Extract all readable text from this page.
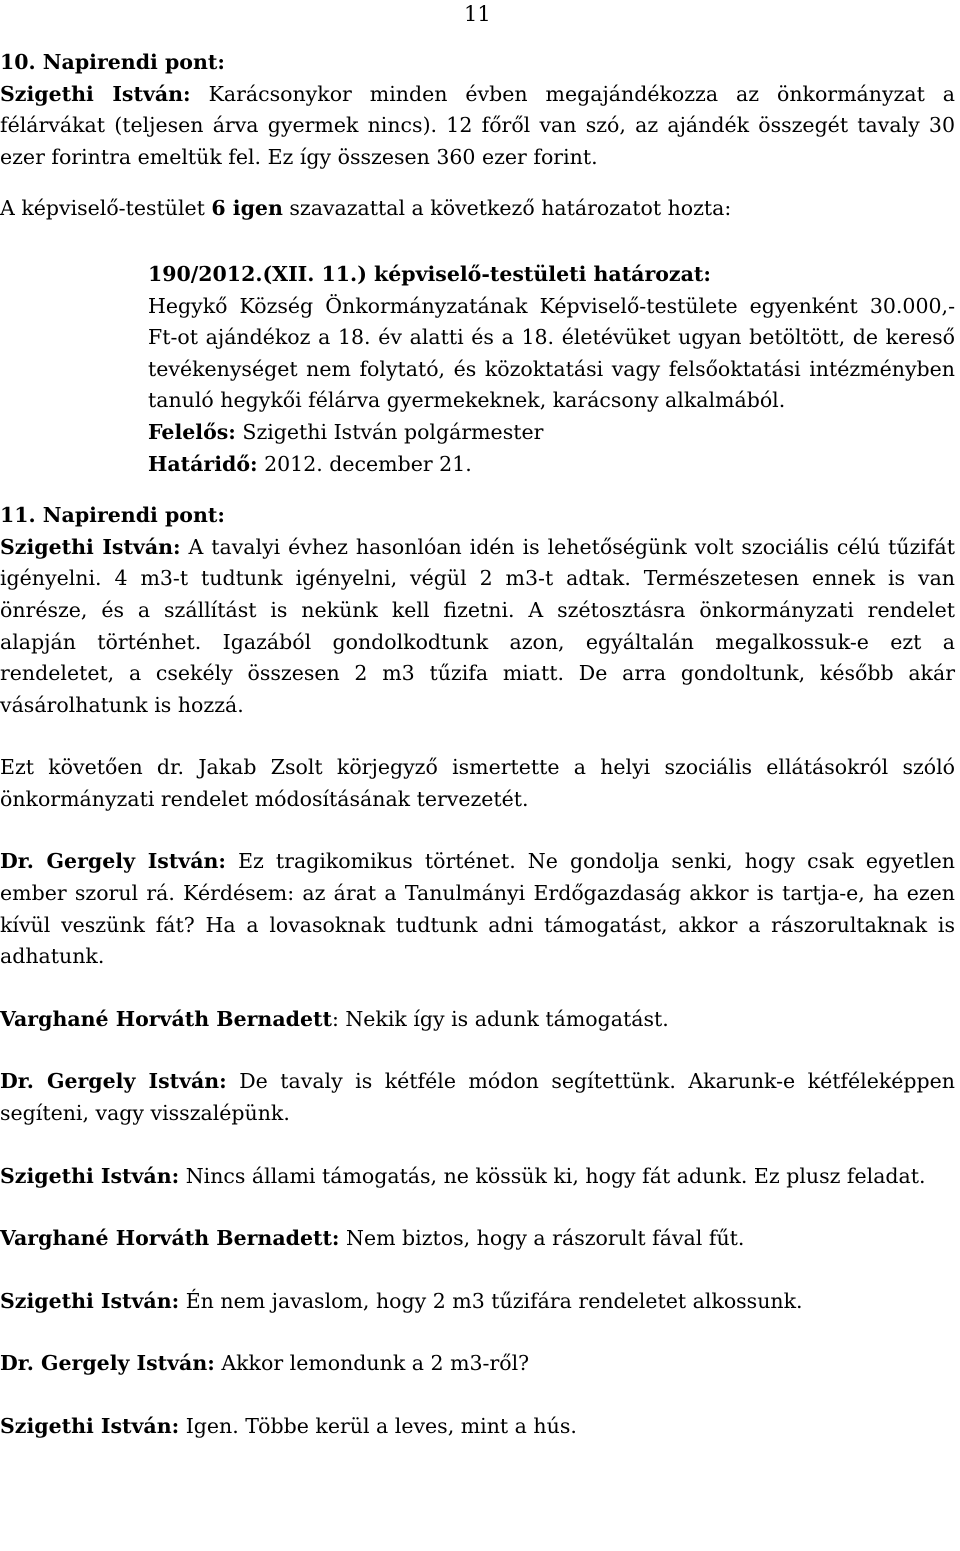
11

10. Napirendi pont:

Szigethi István: Karácsonykor minden évben megajándékozza az önkormányzat a félárvákat (teljesen árva gyermek nincs). 12 főről van szó, az ajándék összegét tavaly 30 ezer forintra emeltük fel. Ez így összesen 360 ezer forint.

A képviselő-testület 6 igen szavazattal a következő határozatot hozta:

190/2012.(XII. 11.) képviselő-testületi határozat:

Hegykő Község Önkormányzatának Képviselő-testülete egyenként 30.000,- Ft-ot ajándékoz a 18. év alatti és a 18. életévüket ugyan betöltött, de kereső tevékenységet nem folytató, és közoktatási vagy felsőoktatási intézményben tanuló hegykői félárva gyermekeknek, karácsony alkalmából.

Felelős: Szigethi István polgármester

Határidő: 2012. december 21.

11. Napirendi pont:

Szigethi István: A tavalyi évhez hasonlóan idén is lehetőségünk volt szociális célú tűzifát igényelni. 4 m3-t tudtunk igényelni, végül 2 m3-t adtak. Természetesen ennek is van önrésze, és a szállítást is nekünk kell fizetni. A szétosztásra önkormányzati rendelet alapján történhet. Igazából gondolkodtunk azon, egyáltalán megalkossuk-e ezt a rendeletet, a csekély összesen 2 m3 tűzifa miatt. De arra gondoltunk, később akár vásárolhatunk is hozzá.

Ezt követően dr. Jakab Zsolt körjegyző ismertette a helyi szociális ellátásokról szóló önkormányzati rendelet módosításának tervezetét.

Dr. Gergely István: Ez tragikomikus történet. Ne gondolja senki, hogy csak egyetlen ember szorul rá. Kérdésem: az árat a Tanulmányi Erdőgazdaság akkor is tartja-e, ha ezen kívül veszünk fát? Ha a lovasoknak tudtunk adni támogatást, akkor a rászorultaknak is adhatunk.

Varghané Horváth Bernadett: Nekik így is adunk támogatást.

Dr. Gergely István: De tavaly is kétféle módon segítettünk. Akarunk-e kétféleképpen segíteni, vagy visszalépünk.

Szigethi István: Nincs állami támogatás, ne kössük ki, hogy fát adunk. Ez plusz feladat.

Varghané Horváth Bernadett: Nem biztos, hogy a rászorult fával fűt.

Szigethi István: Én nem javaslom, hogy 2 m3 tűzifára rendeletet alkossunk.

Dr. Gergely István: Akkor lemondunk a 2 m3-ről?

Szigethi István: Igen. Többe kerül a leves, mint a hús.
